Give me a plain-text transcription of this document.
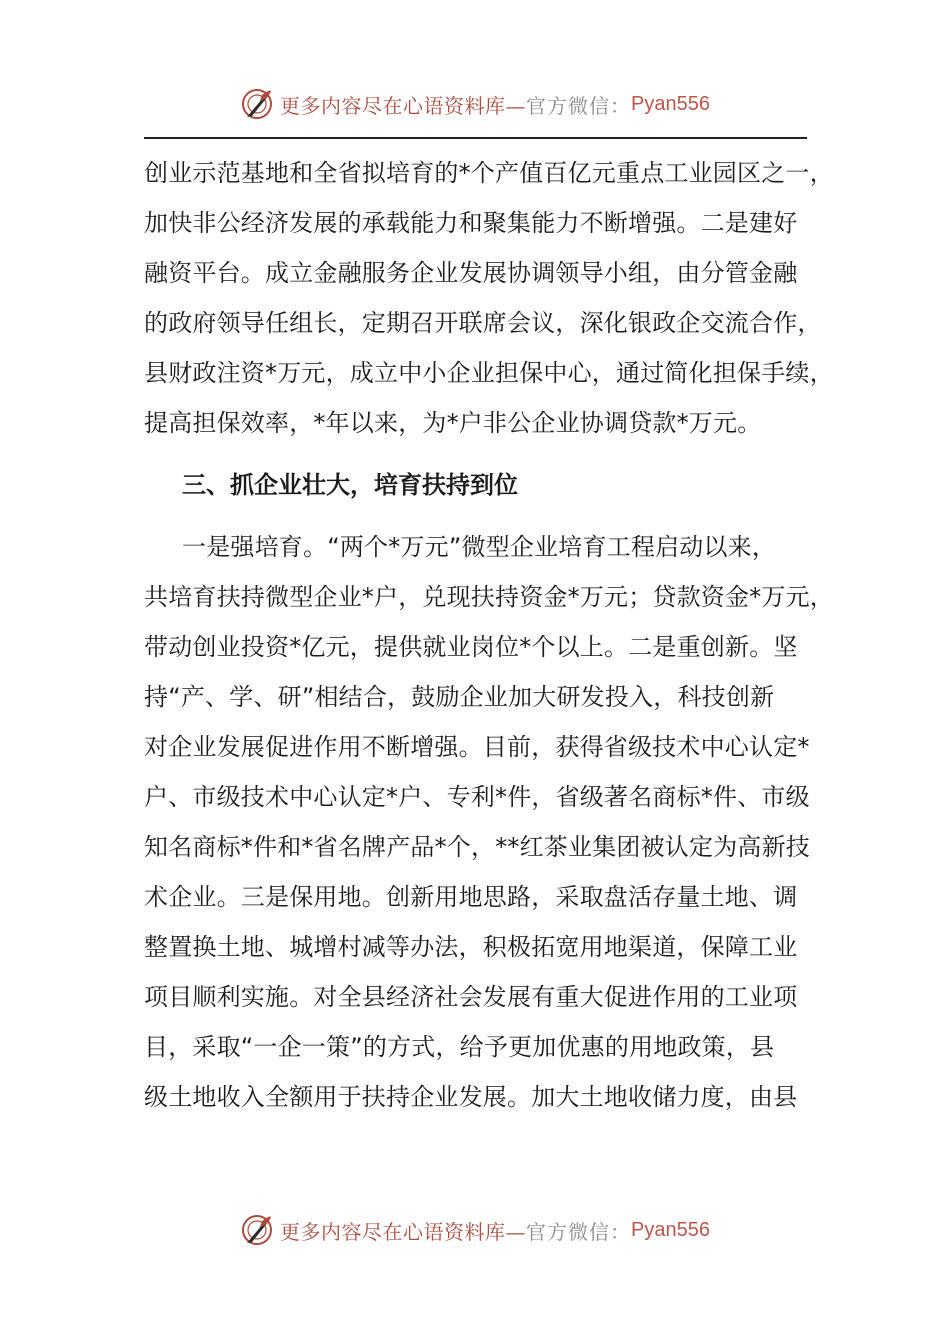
更多内容尽在心语资料库— 官方微信： Pyan556
创业示范基地和全省拟培育的*个产值百亿元重点工业园区之一，
加快非公经济发展的承载能力和聚集能力不断增强。二是建好
融资平台。成立金融服务企业发展协调领导小组，由分管金融
的政府领导任组长，定期召开联席会议，深化银政企交流合作，
县财政注资*万元，成立中小企业担保中心，通过简化担保手续，
提高担保效率，*年以来，为*户非公企业协调贷款*万元。
三、抓企业壮大，培育扶持到位
一是强培育。“两个*万元”微型企业培育工程启动以来，
共培育扶持微型企业*户，兑现扶持资金*万元；贷款资金*万元，
带动创业投资*亿元，提供就业岗位*个以上。二是重创新。坚
持“产、学、研”相结合，鼓励企业加大研发投入，科技创新
对企业发展促进作用不断增强。目前，获得省级技术中心认定*
户、市级技术中心认定*户、专利*件，省级著名商标*件、市级
知名商标*件和*省名牌产品*个，**红茶业集团被认定为高新技
术企业。三是保用地。创新用地思路，采取盘活存量土地、调
整置换土地、城增村减等办法，积极拓宽用地渠道，保障工业
项目顺利实施。对全县经济社会发展有重大促进作用的工业项
目，采取“一企一策”的方式，给予更加优惠的用地政策，县
级土地收入全额用于扶持企业发展。加大土地收储力度，由县
更多内容尽在心语资料库— 官方微信： Pyan556
